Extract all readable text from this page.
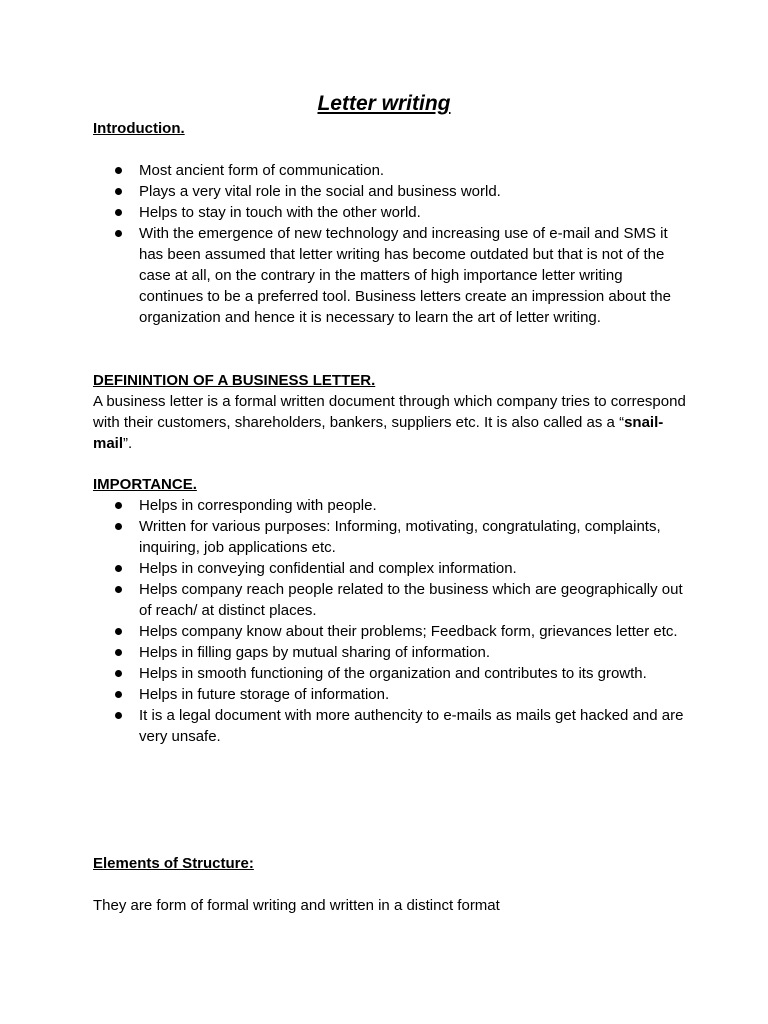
Letter writing
Introduction.
Most ancient form of communication.
Plays a very vital role in the social and business world.
Helps to stay in touch with the other world.
With the emergence of new technology and increasing use of e-mail and SMS it has been assumed that letter writing has become outdated but that is not of the case at all, on the contrary in the matters of high importance letter writing continues to be a preferred tool. Business letters create an impression about the organization and hence it is necessary to learn the art of letter writing.
DEFININTION OF A BUSINESS LETTER.

A business letter is a formal written document through which company tries to correspond with their customers, shareholders, bankers, suppliers etc. It is also called as a “snail-mail”.

IMPORTANCE.
Helps in corresponding with people.
Written for various purposes: Informing, motivating, congratulating, complaints, inquiring, job applications etc.
Helps in conveying confidential and complex information.
Helps company reach people related to the business which are geographically out of reach/ at distinct places.
Helps company know about their problems; Feedback form, grievances letter etc.
Helps in filling gaps by mutual sharing of information.
Helps in smooth functioning of the organization and contributes to its growth.
Helps in future storage of information.
It is a legal document with more authencity to e-mails as mails get hacked and are very unsafe.
Elements of Structure:

They are form of formal writing and written in a distinct format
